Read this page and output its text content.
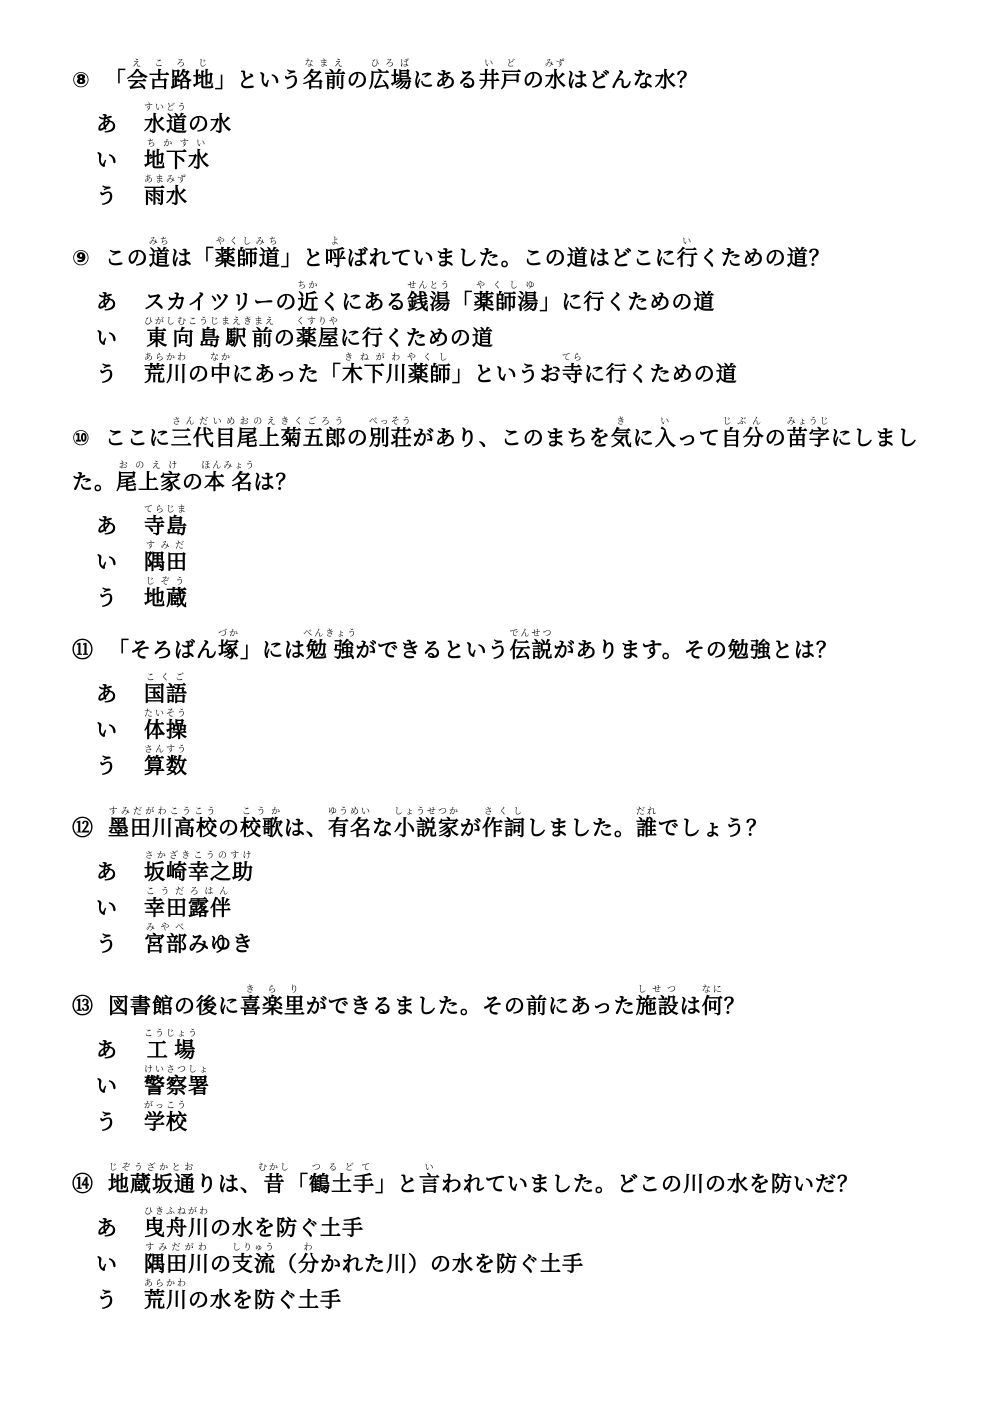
⑧ 「会古路地えころじ」という名前なまえの広場ひろばにある井戸いどの水みずはどんな水？

あ 水道すいどうの水
い 地下水ちかすい
う 雨水あまみず

⑨ この道みちは「薬師道やくしみち」と呼よばれていました。この道はどこに行いくための道？

あ スカイツリーの近ちかくにある銭湯せんとう「薬師湯やくしゆ」に行くための道
い 東向島駅前ひがしむこうじまえきまえの薬屋くすりやに行くための道
う 荒川あらかわの中なかにあった「木下川薬師きねがわやくし」というお寺てらに行くための道

⑩ ここに三代目尾上菊五郎さんだいめおのえきくごろうの別荘べっそうがあり、このまちを気きに入いって自分じぶんの苗字みょうじにしました。尾上家おのえけの本名ほんみょうは？

あ 寺島てらじま
い 隅田すみだ
う 地蔵じぞう

⑪ 「そろばん塚づか」には勉強べんきょうができるという伝説でんせつがあります。その勉強とは？

あ 国語こくご
い 体操たいそう
う 算数さんすう

⑫ 墨田川高校すみだがわこうこうの校歌こうかは、有名ゆうめいな小説家しょうせつかが作詞さくししました。誰だれでしょう？

あ 坂崎幸之助さかざきこうのすけ
い 幸田露伴こうだろはん
う 宮部みやべみゆき

⑬ 図書館の後に喜楽里きらりができるました。その前にあった施設しせつは何なに？

あ 工場こうじょう
い 警察署けいさつしょ
う 学校がっこう

⑭ 地蔵坂通じぞうざかとおりは、昔むかし「鶴土手つるどて」と言いわれていました。どこの川の水を防いだ？

あ 曳舟川ひきふねがわの水を防ぐ土手
い 隅田川すみだがわの支流しりゅう（分わかれた川）の水を防ぐ土手
う 荒川あらかわの水を防ぐ土手
